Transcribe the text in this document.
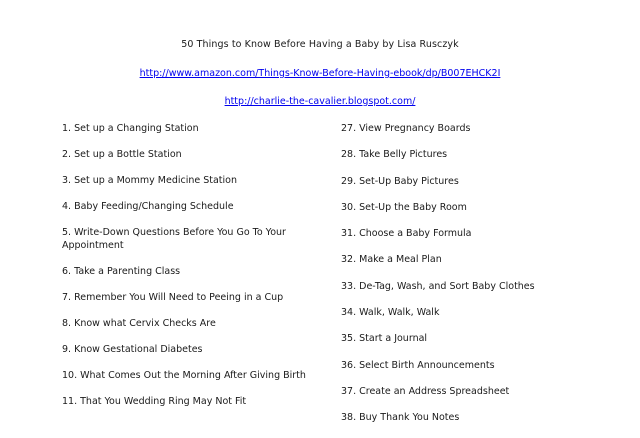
50 Things to Know Before Having a Baby by Lisa Rusczyk
http://www.amazon.com/Things-Know-Before-Having-ebook/dp/B007EHCK2I
http://charlie-the-cavalier.blogspot.com/
1. Set up a Changing Station
2. Set up a Bottle Station
3. Set up a Mommy Medicine Station
4. Baby Feeding/Changing Schedule
5. Write-Down Questions Before You Go To Your Appointment
6. Take a Parenting Class
7. Remember You Will Need to Peeing in a Cup
8. Know what Cervix Checks Are
9. Know Gestational Diabetes
10. What Comes Out the Morning After Giving Birth
11. That You Wedding Ring May Not Fit
27. View Pregnancy Boards
28. Take Belly Pictures
29. Set-Up Baby Pictures
30. Set-Up the Baby Room
31. Choose a Baby Formula
32. Make a Meal Plan
33. De-Tag, Wash, and Sort Baby Clothes
34. Walk, Walk, Walk
35. Start a Journal
36. Select Birth Announcements
37. Create an Address Spreadsheet
38. Buy Thank You Notes
